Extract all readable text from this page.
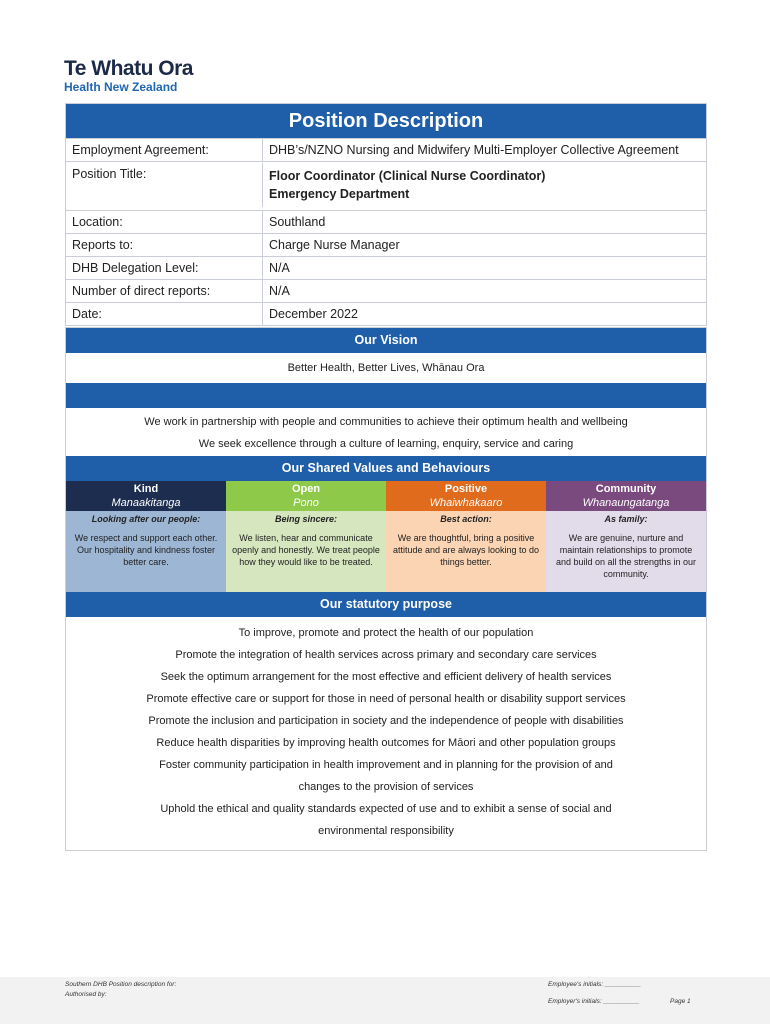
Te Whatu Ora
Health New Zealand
Position Description
Employment Agreement:	DHB’s/NZNO Nursing and Midwifery Multi-Employer Collective Agreement
Position Title:	Floor Coordinator (Clinical Nurse Coordinator)
Emergency Department
Location:	Southland
Reports to:	Charge Nurse Manager
DHB Delegation Level:	N/A
Number of direct reports:	N/A
Date:	December 2022
Our Vision
Better Health, Better Lives, Whānau Ora
We work in partnership with people and communities to achieve their optimum health and wellbeing
We seek excellence through a culture of learning, enquiry, service and caring
Our Shared Values and Behaviours
Kind
Manaakitanga
Looking after our people:
We respect and support each other. Our hospitality and kindness foster better care.
Open
Pono
Being sincere:
We listen, hear and communicate openly and honestly. We treat people how they would like to be treated.
Positive
Whaiwhakaaro
Best action:
We are thoughtful, bring a positive attitude and are always looking to do things better.
Community
Whanaungatanga
As family:
We are genuine, nurture and maintain relationships to promote and build on all the strengths in our community.
Our statutory purpose
To improve, promote and protect the health of our population
Promote the integration of health services across primary and secondary care services
Seek the optimum arrangement for the most effective and efficient delivery of health services
Promote effective care or support for those in need of personal health or disability support services
Promote the inclusion and participation in society and the independence of people with disabilities
Reduce health disparities by improving health outcomes for Māori and other population groups
Foster community participation in health improvement and in planning for the provision of and
changes to the provision of services
Uphold the ethical and quality standards expected of use and to exhibit a sense of social and
environmental responsibility
Southern DHB Position description for:
Authorised by:
Employee's initials: __________
Employer's initials: __________	Page 1
